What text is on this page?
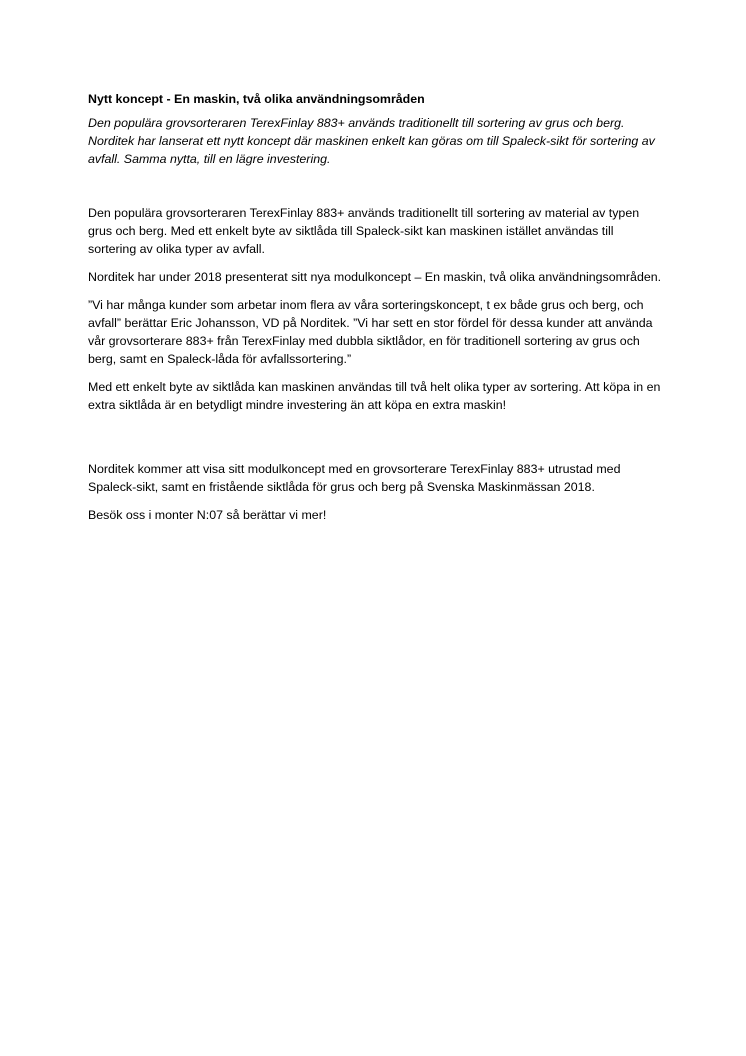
Nytt koncept - En maskin, två olika användningsområden

Den populära grovsorteraren TerexFinlay 883+ används traditionellt till sortering av grus och berg. Norditek har lanserat ett nytt koncept där maskinen enkelt kan göras om till Spaleck-sikt för sortering av avfall. Samma nytta, till en lägre investering.

Den populära grovsorteraren TerexFinlay 883+ används traditionellt till sortering av material av typen grus och berg. Med ett enkelt byte av siktlåda till Spaleck-sikt kan maskinen istället användas till sortering av olika typer av avfall.

Norditek har under 2018 presenterat sitt nya modulkoncept – En maskin, två olika användningsområden.

”Vi har många kunder som arbetar inom flera av våra sorteringskoncept, t ex både grus och berg, och avfall” berättar Eric Johansson, VD på Norditek. ”Vi har sett en stor fördel för dessa kunder att använda vår grovsorterare 883+ från TerexFinlay med dubbla siktlådor, en för traditionell sortering av grus och berg, samt en Spaleck-låda för avfallssortering.”

Med ett enkelt byte av siktlåda kan maskinen användas till två helt olika typer av sortering. Att köpa in en extra siktlåda är en betydligt mindre investering än att köpa en extra maskin!

Norditek kommer att visa sitt modulkoncept med en grovsorterare TerexFinlay 883+ utrustad med Spaleck-sikt, samt en fristående siktlåda för grus och berg på Svenska Maskinmässan 2018.

Besök oss i monter N:07 så berättar vi mer!
